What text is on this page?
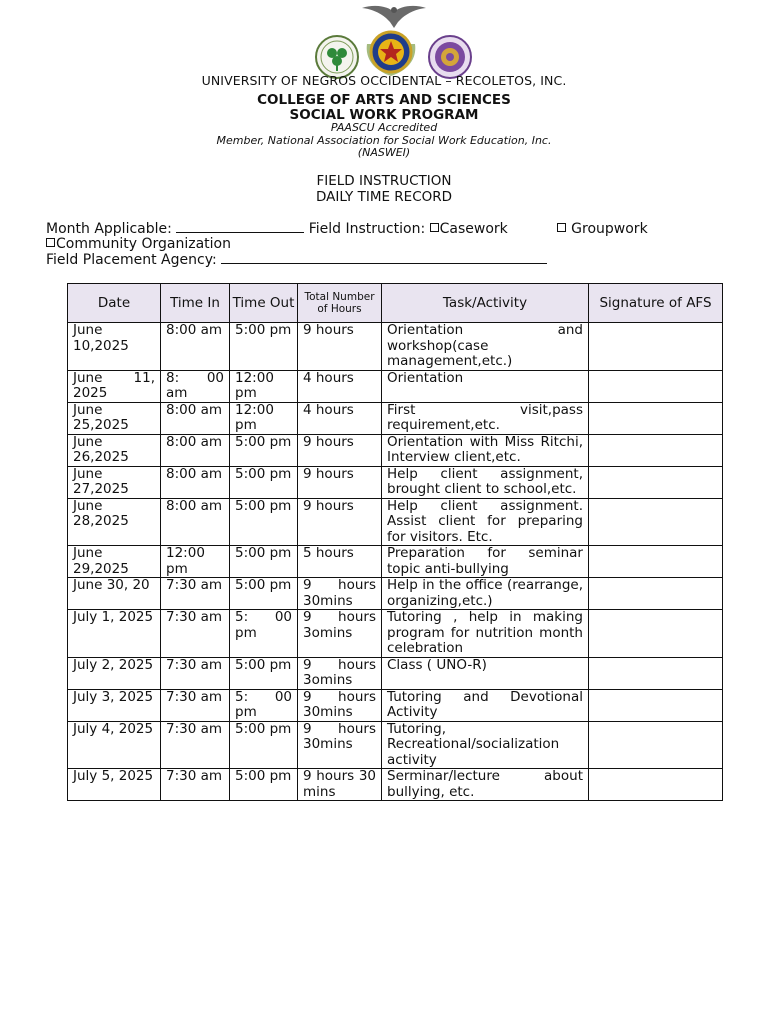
UNIVERSITY OF NEGROS OCCIDENTAL – RECOLETOS, INC.
COLLEGE OF ARTS AND SCIENCES
SOCIAL WORK PROGRAM
PAASCU Accredited
Member, National Association for Social Work Education, Inc.
(NASWEI)
FIELD INSTRUCTION
DAILY TIME RECORD
Month Applicable:	Field Instruction: Casework	Groupwork
Community Organization
Field Placement Agency:
Date	Time In	Time Out	Total Number of Hours	Task/Activity	Signature of AFS
June 10,2025	8:00 am	5:00 pm	9 hours	Orientation and workshop(case management,etc.)	
June 11, 2025	8: 00 am	12:00 pm	4 hours	Orientation	
June 25,2025	8:00 am	12:00 pm	4 hours	First visit,pass requirement,etc.	
June 26,2025	8:00 am	5:00 pm	9 hours	Orientation with Miss Ritchi, Interview client,etc.	
June 27,2025	8:00 am	5:00 pm	9 hours	Help client assignment, brought client to school,etc.	
June 28,2025	8:00 am	5:00 pm	9 hours	Help client assignment. Assist client for preparing for visitors. Etc.	
June 29,2025	12:00 pm	5:00 pm	5 hours	Preparation for seminar topic anti-bullying	
June 30, 20	7:30 am	5:00 pm	9 hours 30mins	Help in the office (rearrange, organizing,etc.)	
July 1, 2025	7:30 am	5: 00 pm	9 hours 3omins	Tutoring , help in making program for nutrition month celebration	
July 2, 2025	7:30 am	5:00 pm	9 hours 3omins	Class ( UNO-R)	
July 3, 2025	7:30 am	5: 00 pm	9 hours 30mins	Tutoring and Devotional Activity	
July 4, 2025	7:30 am	5:00 pm	9 hours 30mins	Tutoring, Recreational/socialization activity	
July 5, 2025	7:30 am	5:00 pm	9 hours 30 mins	Serminar/lecture about bullying, etc.	
